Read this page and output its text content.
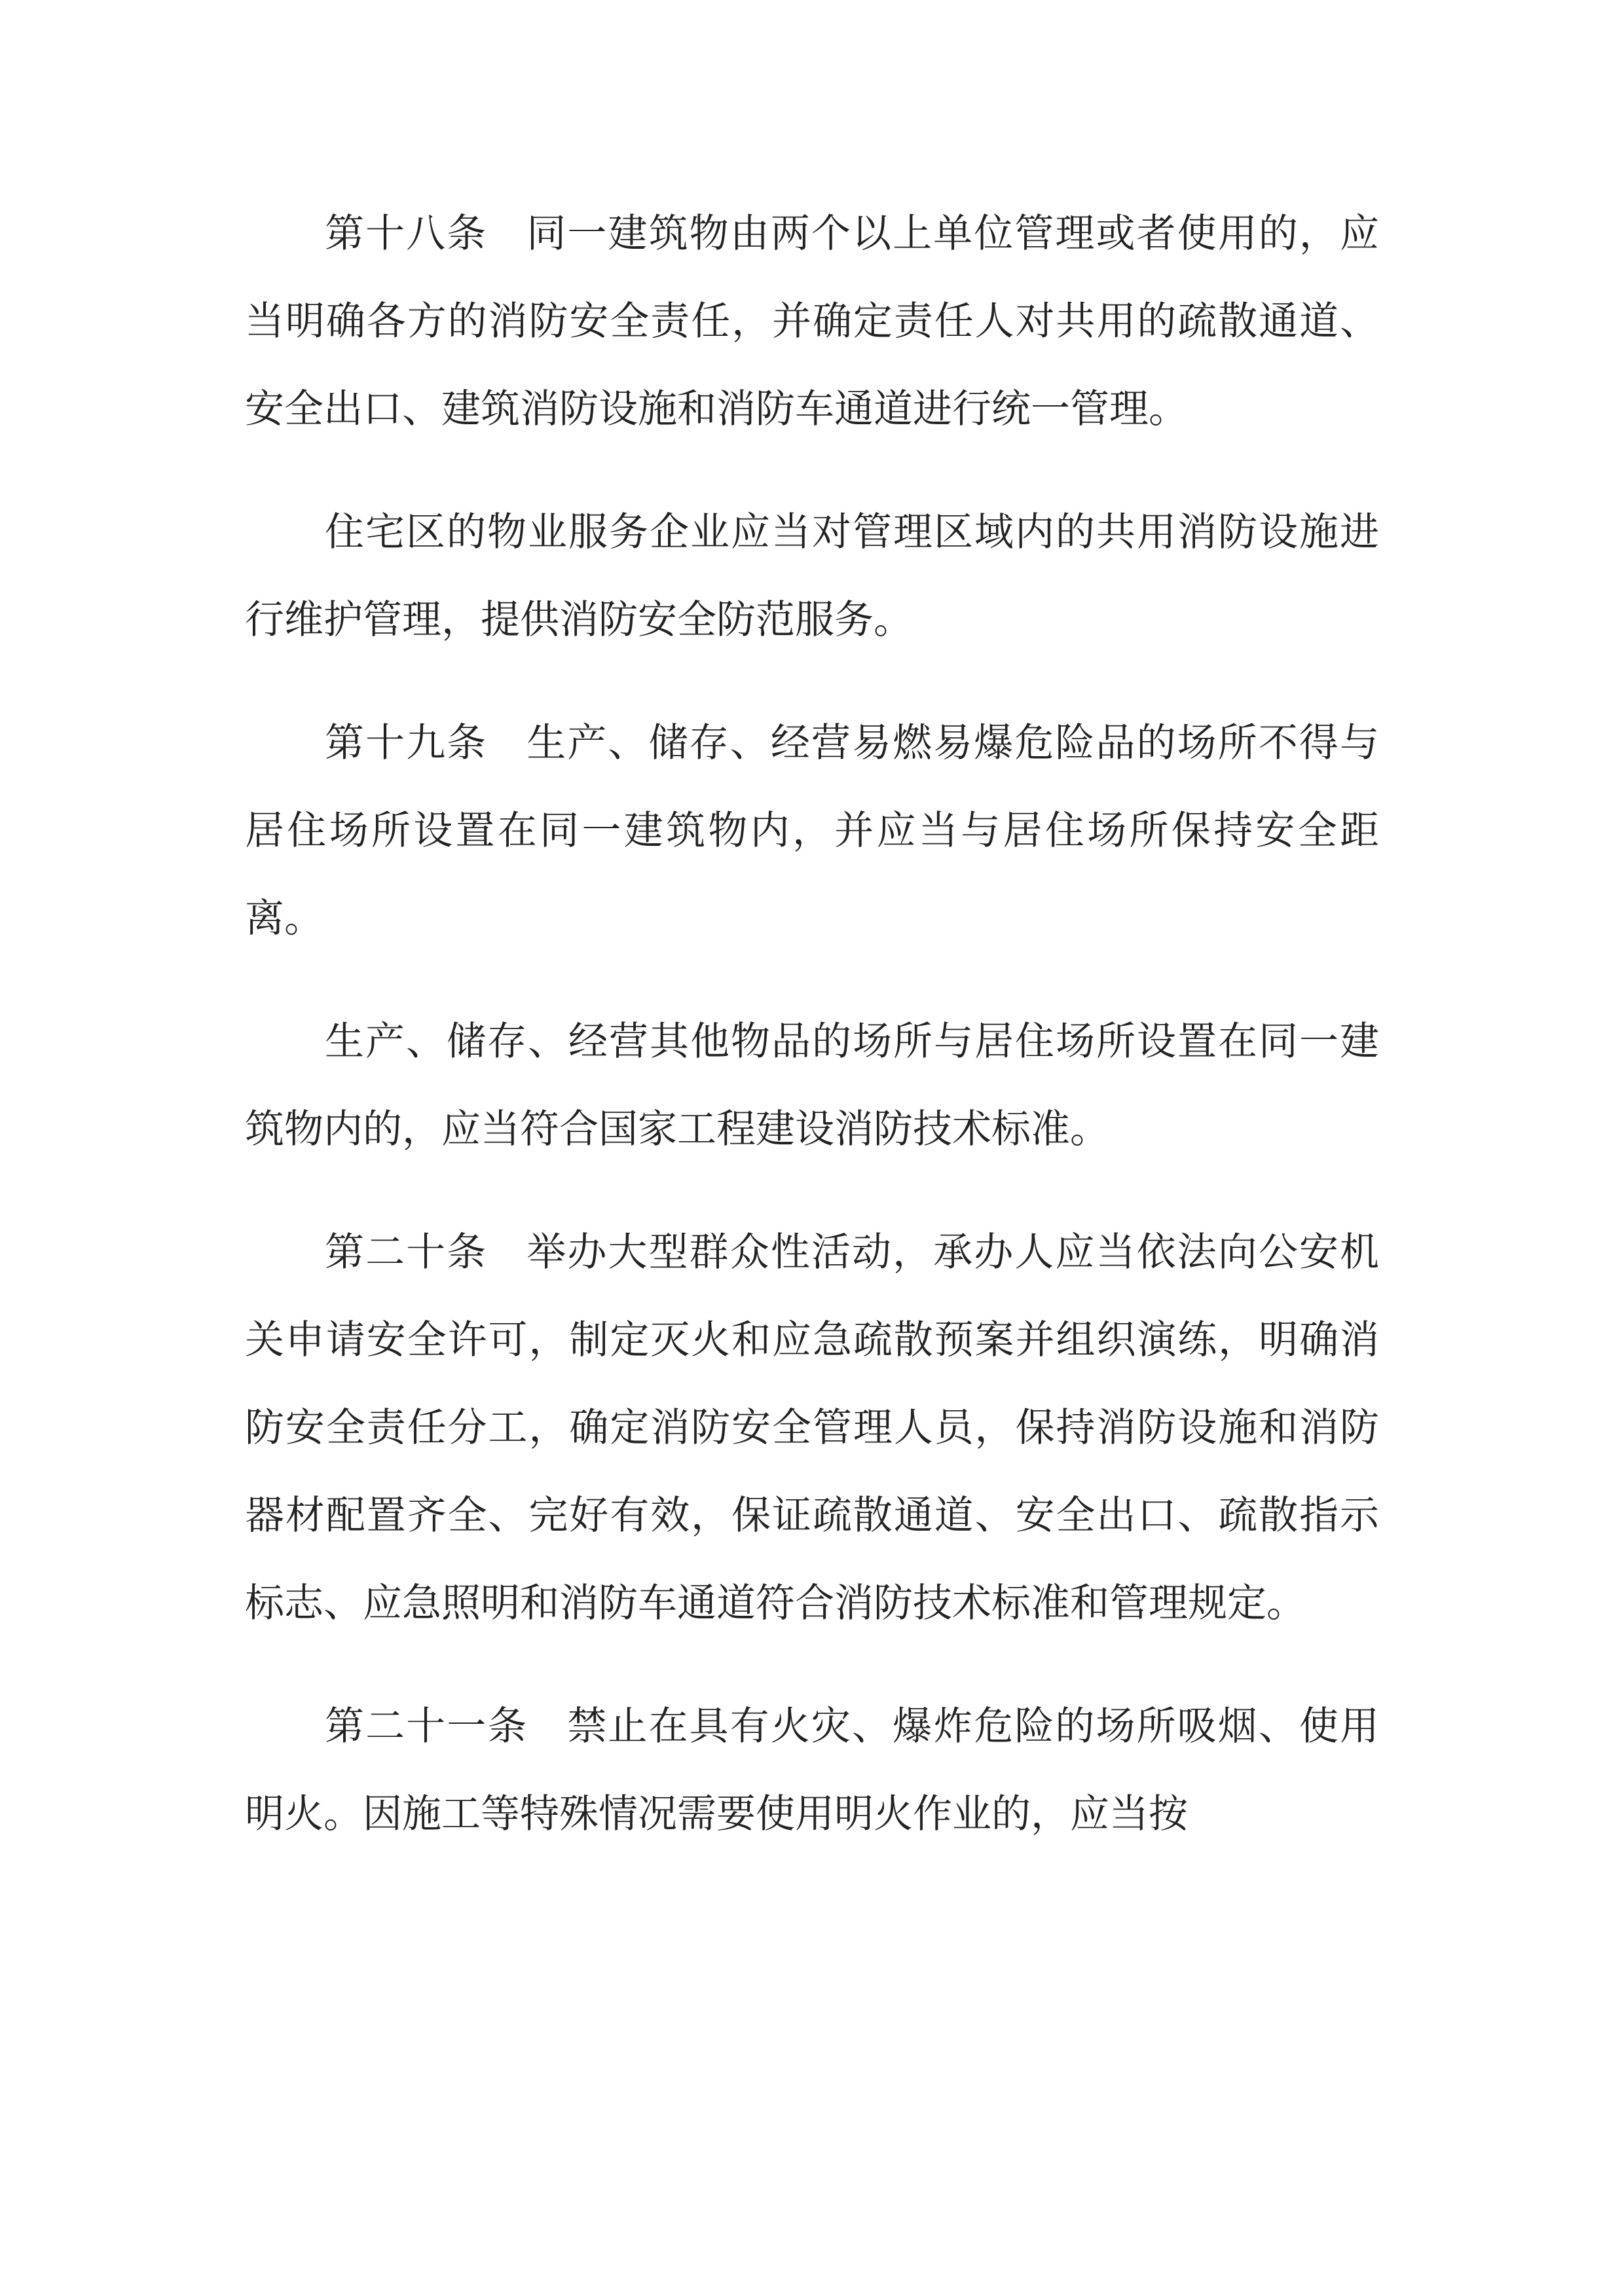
第十八条 同一建筑物由两个以上单位管理或者使用的，应当明确各方的消防安全责任，并确定责任人对共用的疏散通道、安全出口、建筑消防设施和消防车通道进行统一管理。

住宅区的物业服务企业应当对管理区域内的共用消防设施进行维护管理，提供消防安全防范服务。

第十九条 生产、储存、经营易燃易爆危险品的场所不得与居住场所设置在同一建筑物内，并应当与居住场所保持安全距离。

生产、储存、经营其他物品的场所与居住场所设置在同一建筑物内的，应当符合国家工程建设消防技术标准。

第二十条 举办大型群众性活动，承办人应当依法向公安机关申请安全许可，制定灭火和应急疏散预案并组织演练，明确消防安全责任分工，确定消防安全管理人员，保持消防设施和消防器材配置齐全、完好有效，保证疏散通道、安全出口、疏散指示标志、应急照明和消防车通道符合消防技术标准和管理规定。

第二十一条 禁止在具有火灾、爆炸危险的场所吸烟、使用明火。因施工等特殊情况需要使用明火作业的，应当按
